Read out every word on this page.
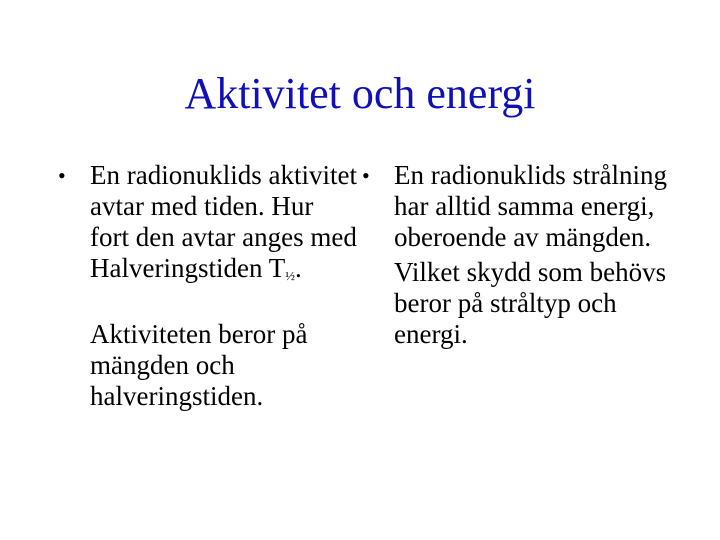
Aktivitet och energi
• En radionuklids aktivitet avtar med tiden. Hur fort den avtar anges med Halveringstiden $T_{\frac{1}{2}}$.
Aktiviteten beror på mängden och halveringstiden.
• En radionuklids strålning har alltid samma energi, oberoende av mängden.
Vilket skydd som behövs beror på stråltyp och energi.
